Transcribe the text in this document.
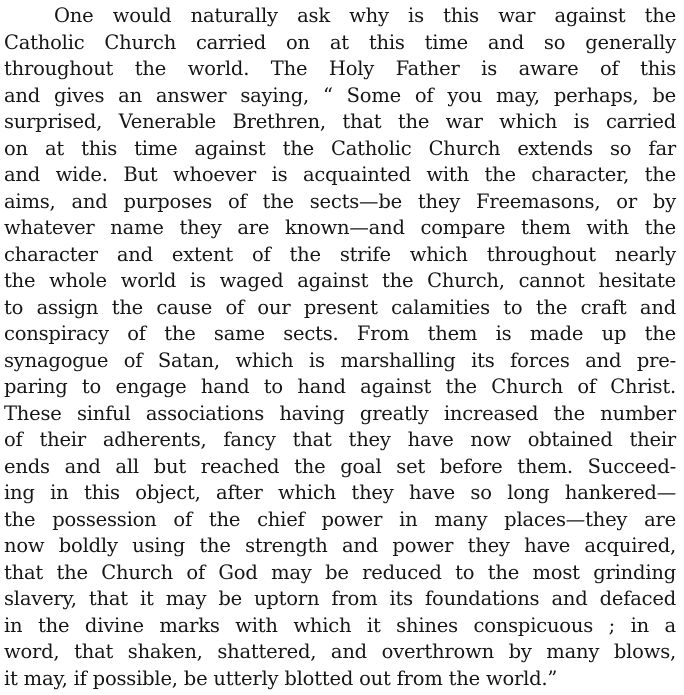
One would naturally ask why is this war against the
Catholic Church carried on at this time and so generally
throughout the world. The Holy Father is aware of this
and gives an answer saying, “ Some of you may, perhaps, be
surprised, Venerable Brethren, that the war which is carried
on at this time against the Catholic Church extends so far
and wide. But whoever is acquainted with the character, the
aims, and purposes of the sects—be they Freemasons, or by
whatever name they are known—and compare them with the
character and extent of the strife which throughout nearly
the whole world is waged against the Church, cannot hesitate
to assign the cause of our present calamities to the craft and
conspiracy of the same sects. From them is made up the
synagogue of Satan, which is marshalling its forces and pre-
paring to engage hand to hand against the Church of Christ.
These sinful associations having greatly increased the number
of their adherents, fancy that they have now obtained their
ends and all but reached the goal set before them. Succeed-
ing in this object, after which they have so long hankered—
the possession of the chief power in many places—they are
now boldly using the strength and power they have acquired,
that the Church of God may be reduced to the most grinding
slavery, that it may be uptorn from its foundations and defaced
in the divine marks with which it shines conspicuous ; in a
word, that shaken, shattered, and overthrown by many blows,
it may, if possible, be utterly blotted out from the world.”
